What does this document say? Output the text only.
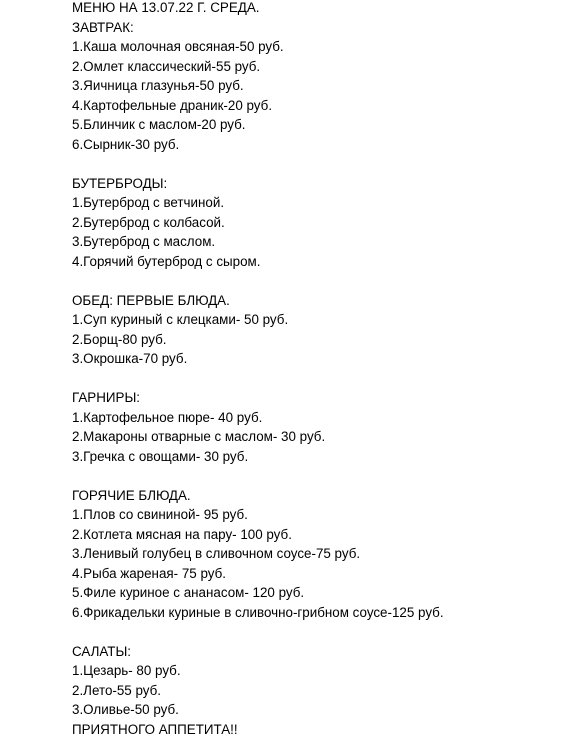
МЕНЮ НА 13.07.22 Г. СРЕДА.
ЗАВТРАК:
1.Каша молочная овсяная-50 руб.
2.Омлет классический-55 руб.
3.Яичница глазунья-50 руб.
4.Картофельные драник-20 руб.
5.Блинчик с маслом-20 руб.
6.Сырник-30 руб.
БУТЕРБРОДЫ:
1.Бутерброд с ветчиной.
2.Бутерброд с колбасой.
3.Бутерброд с маслом.
4.Горячий бутерброд с сыром.
ОБЕД: ПЕРВЫЕ БЛЮДА.
1.Суп куриный с клецками- 50 руб.
2.Борщ-80 руб.
3.Окрошка-70 руб.
ГАРНИРЫ:
1.Картофельное пюре- 40 руб.
2.Макароны отварные с маслом- 30 руб.
3.Гречка с овощами- 30 руб.
ГОРЯЧИЕ БЛЮДА.
1.Плов со свининой- 95 руб.
2.Котлета мясная на пару- 100 руб.
3.Ленивый голубец в сливочном соусе-75 руб.
4.Рыба жареная- 75 руб.
5.Филе куриное с ананасом- 120 руб.
6.Фрикадельки куриные в сливочно-грибном соусе-125 руб.
САЛАТЫ:
1.Цезарь- 80 руб.
2.Лето-55 руб.
3.Оливье-50 руб.
ПРИЯТНОГО АППЕТИТА!!
